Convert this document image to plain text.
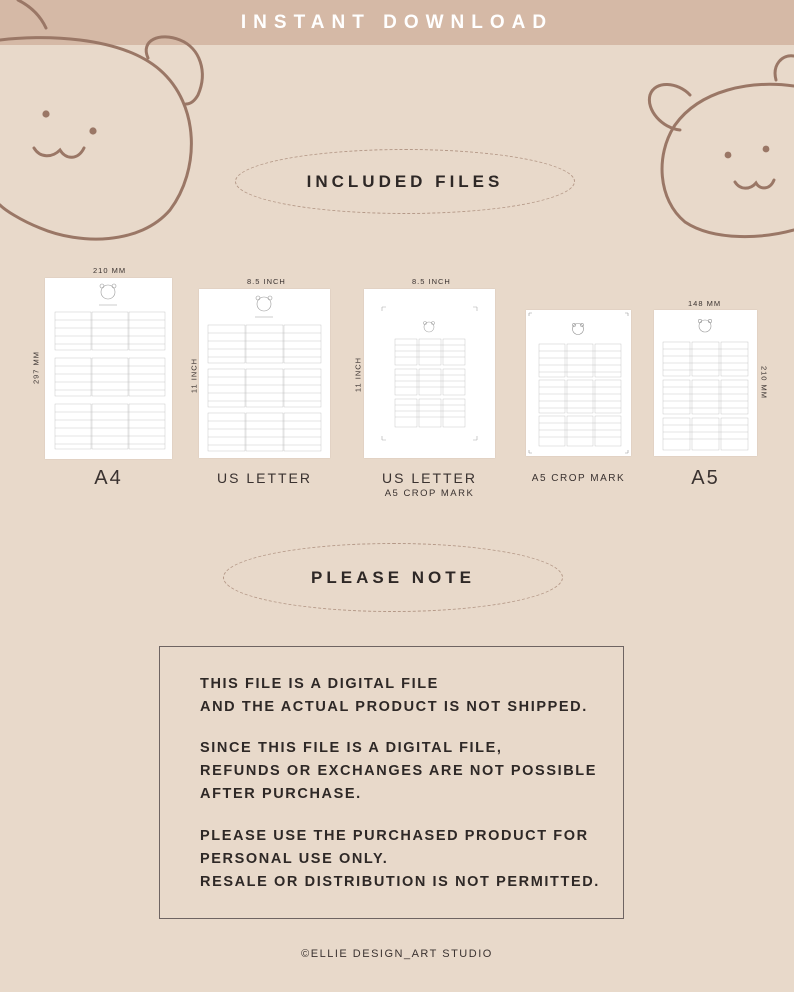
INSTANT DOWNLOAD
INCLUDED FILES
210 MM
297 MM
A4
8.5 INCH
11 INCH
US LETTER
8.5 INCH
11 INCH
US LETTER
A5 CROP MARK
A5 CROP MARK
148 MM
210 MM
A5
PLEASE NOTE
THIS FILE IS A DIGITAL FILE
AND THE ACTUAL PRODUCT IS NOT SHIPPED.
SINCE THIS FILE IS A DIGITAL FILE,
REFUNDS OR EXCHANGES ARE NOT POSSIBLE
AFTER PURCHASE.
PLEASE USE THE PURCHASED PRODUCT FOR
PERSONAL USE ONLY.
RESALE OR DISTRIBUTION IS NOT PERMITTED.
©ELLIE DESIGN_ART STUDIO
